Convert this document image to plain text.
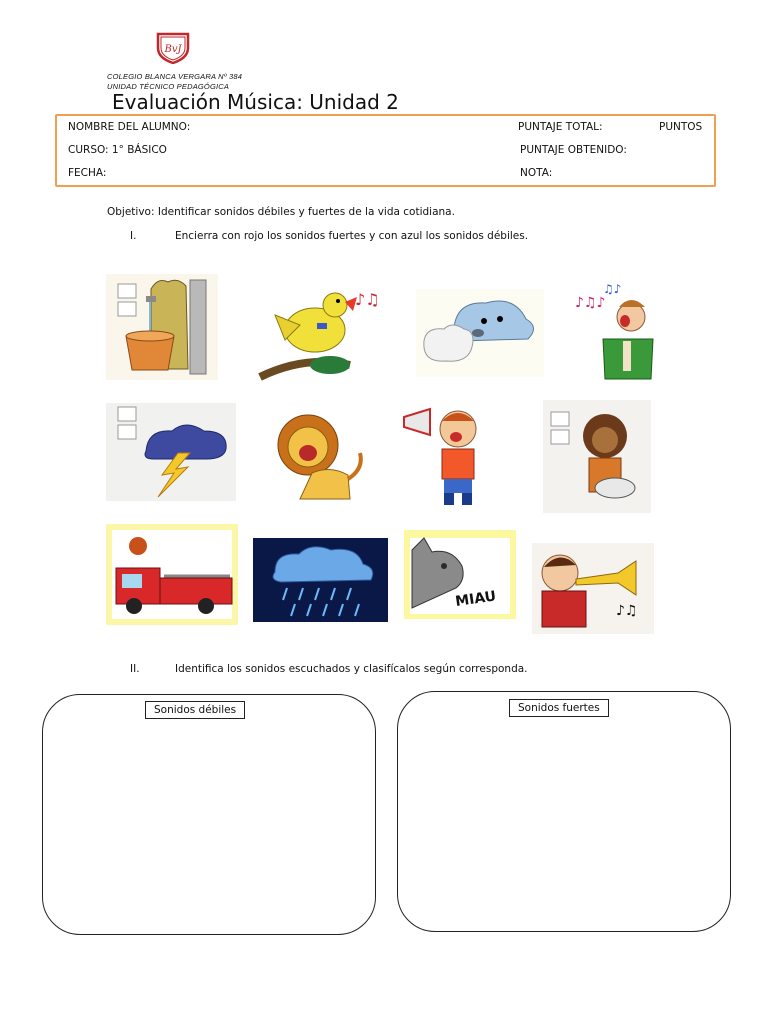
BvJ
COLEGIO BLANCA VERGARA Nº 384
UNIDAD TÉCNICO PEDAGÓGICA
Evaluación Música: Unidad 2
NOMBRE DEL ALUMNO:	PUNTAJE TOTAL:	PUNTOS
CURSO: 1° BÁSICO	PUNTAJE OBTENIDO:
FECHA:	NOTA:
Objetivo: Identificar sonidos débiles y fuertes de la vida cotidiana.
I.	Encierra con rojo los sonidos fuertes y con azul los sonidos débiles.
♪♫	♪♫♪
♫♪
MIAU
♪♫
II.	Identifica los sonidos escuchados y clasifícalos según corresponda.
Sonidos débiles	Sonidos fuertes
